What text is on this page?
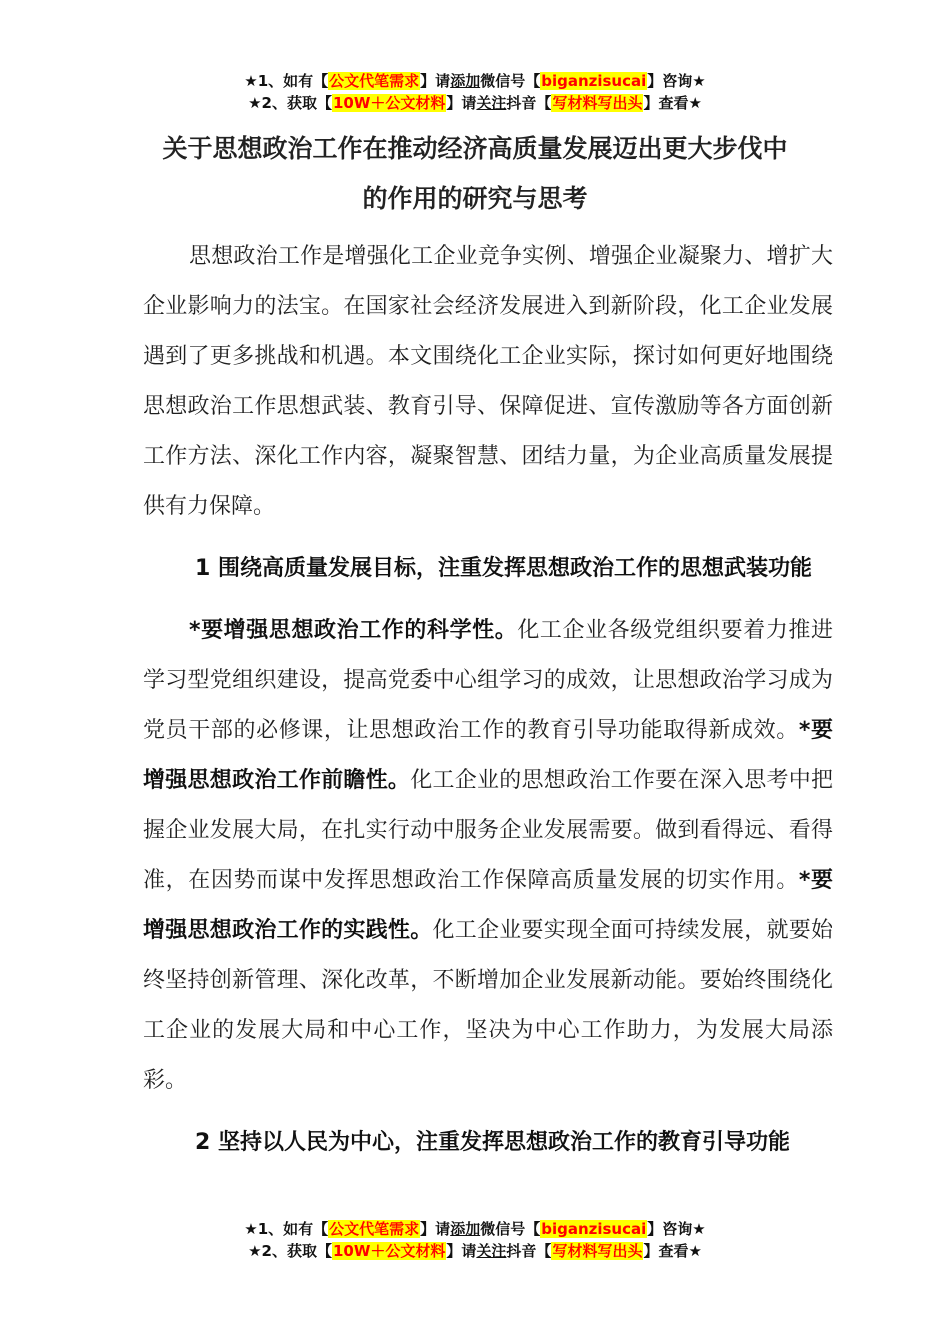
★1、如有【公文代笔需求】请添加微信号【biganzisucai】咨询★
★2、获取【10W＋公文材料】请关注抖音【写材料写出头】查看★
关于思想政治工作在推动经济高质量发展迈出更大步伐中
的作用的研究与思考

思想政治工作是增强化工企业竞争实例、增强企业凝聚力、增扩大企业影响力的法宝。在国家社会经济发展进入到新阶段，化工企业发展遇到了更多挑战和机遇。本文围绕化工企业实际，探讨如何更好地围绕思想政治工作思想武装、教育引导、保障促进、宣传激励等各方面创新工作方法、深化工作内容，凝聚智慧、团结力量，为企业高质量发展提供有力保障。

1 围绕高质量发展目标，注重发挥思想政治工作的思想武装功能

*要增强思想政治工作的科学性。化工企业各级党组织要着力推进学习型党组织建设，提高党委中心组学习的成效，让思想政治学习成为党员干部的必修课，让思想政治工作的教育引导功能取得新成效。*要增强思想政治工作前瞻性。化工企业的思想政治工作要在深入思考中把握企业发展大局，在扎实行动中服务企业发展需要。做到看得远、看得准，在因势而谋中发挥思想政治工作保障高质量发展的切实作用。*要增强思想政治工作的实践性。化工企业要实现全面可持续发展，就要始终坚持创新管理、深化改革，不断增加企业发展新动能。要始终围绕化工企业的发展大局和中心工作，坚决为中心工作助力，为发展大局添彩。

2 坚持以人民为中心，注重发挥思想政治工作的教育引导功能
★1、如有【公文代笔需求】请添加微信号【biganzisucai】咨询★
★2、获取【10W＋公文材料】请关注抖音【写材料写出头】查看★
